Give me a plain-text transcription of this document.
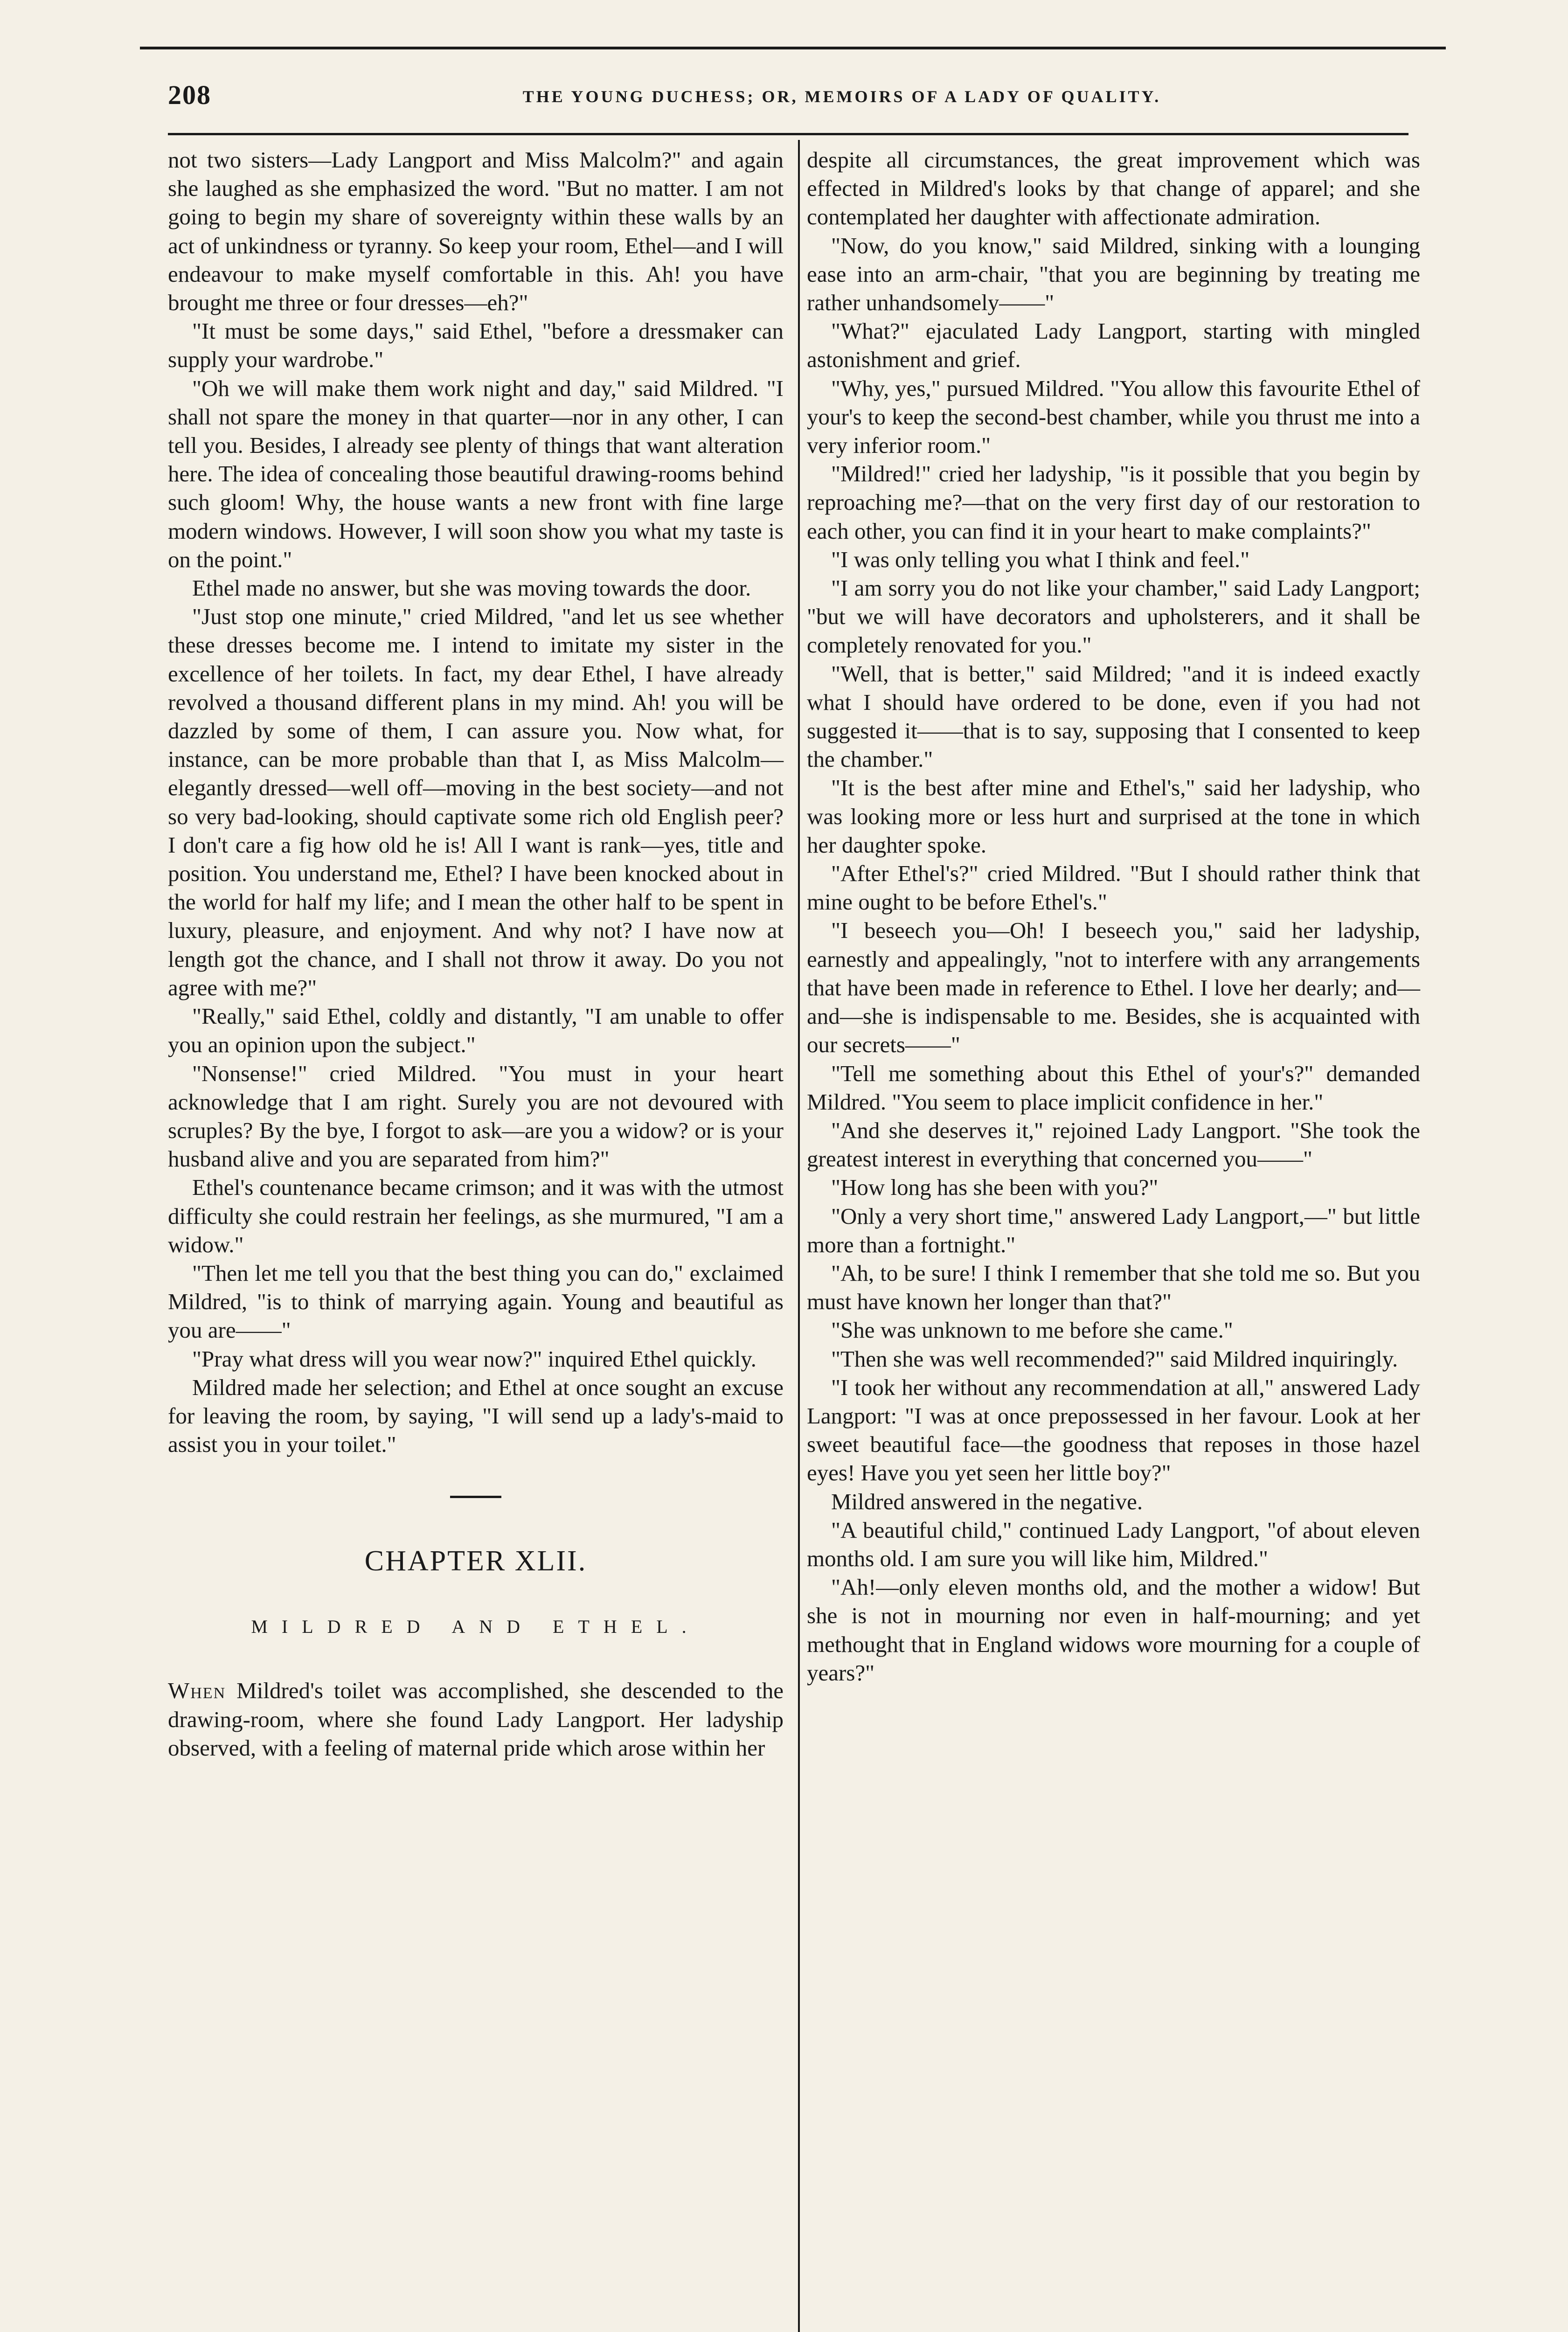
208	THE YOUNG DUCHESS; OR, MEMOIRS OF A LADY OF QUALITY.

not two sisters—Lady Langport and Miss Malcolm?" and again she laughed as she emphasized the word. "But no matter. I am not going to begin my share of sovereignty within these walls by an act of unkindness or tyranny. So keep your room, Ethel—and I will endeavour to make myself comfortable in this. Ah! you have brought me three or four dresses—eh?"

"It must be some days," said Ethel, "before a dressmaker can supply your wardrobe."

"Oh we will make them work night and day," said Mildred. "I shall not spare the money in that quarter—nor in any other, I can tell you. Besides, I already see plenty of things that want alteration here. The idea of concealing those beautiful drawing-rooms behind such gloom! Why, the house wants a new front with fine large modern windows. However, I will soon show you what my taste is on the point."

Ethel made no answer, but she was moving towards the door.

"Just stop one minute," cried Mildred, "and let us see whether these dresses become me. I intend to imitate my sister in the excellence of her toilets. In fact, my dear Ethel, I have already revolved a thousand different plans in my mind. Ah! you will be dazzled by some of them, I can assure you. Now what, for instance, can be more probable than that I, as Miss Malcolm—elegantly dressed—well off—moving in the best society—and not so very bad-looking, should captivate some rich old English peer? I don't care a fig how old he is! All I want is rank—yes, title and position. You understand me, Ethel? I have been knocked about in the world for half my life; and I mean the other half to be spent in luxury, pleasure, and enjoyment. And why not? I have now at length got the chance, and I shall not throw it away. Do you not agree with me?"

"Really," said Ethel, coldly and distantly, "I am unable to offer you an opinion upon the subject."

"Nonsense!" cried Mildred. "You must in your heart acknowledge that I am right. Surely you are not devoured with scruples? By the bye, I forgot to ask—are you a widow? or is your husband alive and you are separated from him?"

Ethel's countenance became crimson; and it was with the utmost difficulty she could restrain her feelings, as she murmured, "I am a widow."

"Then let me tell you that the best thing you can do," exclaimed Mildred, "is to think of marrying again. Young and beautiful as you are——"

"Pray what dress will you wear now?" inquired Ethel quickly.

Mildred made her selection; and Ethel at once sought an excuse for leaving the room, by saying, "I will send up a lady's-maid to assist you in your toilet."

CHAPTER XLII.
MILDRED AND ETHEL.

When Mildred's toilet was accomplished, she descended to the drawing-room, where she found Lady Langport. Her ladyship observed, with a feeling of maternal pride which arose within her

despite all circumstances, the great improvement which was effected in Mildred's looks by that change of apparel; and she contemplated her daughter with affectionate admiration.

"Now, do you know," said Mildred, sinking with a lounging ease into an arm-chair, "that you are beginning by treating me rather unhandsomely——"

"What?" ejaculated Lady Langport, starting with mingled astonishment and grief.

"Why, yes," pursued Mildred. "You allow this favourite Ethel of your's to keep the second-best chamber, while you thrust me into a very inferior room."

"Mildred!" cried her ladyship, "is it possible that you begin by reproaching me?—that on the very first day of our restoration to each other, you can find it in your heart to make complaints?"

"I was only telling you what I think and feel."

"I am sorry you do not like your chamber," said Lady Langport; "but we will have decorators and upholsterers, and it shall be completely renovated for you."

"Well, that is better," said Mildred; "and it is indeed exactly what I should have ordered to be done, even if you had not suggested it——that is to say, supposing that I consented to keep the chamber."

"It is the best after mine and Ethel's," said her ladyship, who was looking more or less hurt and surprised at the tone in which her daughter spoke.

"After Ethel's?" cried Mildred. "But I should rather think that mine ought to be before Ethel's."

"I beseech you—Oh! I beseech you," said her ladyship, earnestly and appealingly, "not to interfere with any arrangements that have been made in reference to Ethel. I love her dearly; and—and—she is indispensable to me. Besides, she is acquainted with our secrets——"

"Tell me something about this Ethel of your's?" demanded Mildred. "You seem to place implicit confidence in her."

"And she deserves it," rejoined Lady Langport. "She took the greatest interest in everything that concerned you——"

"How long has she been with you?"

"Only a very short time," answered Lady Langport,—" but little more than a fortnight."

"Ah, to be sure! I think I remember that she told me so. But you must have known her longer than that?"

"She was unknown to me before she came."

"Then she was well recommended?" said Mildred inquiringly.

"I took her without any recommendation at all," answered Lady Langport: "I was at once prepossessed in her favour. Look at her sweet beautiful face—the goodness that reposes in those hazel eyes! Have you yet seen her little boy?"

Mildred answered in the negative.

"A beautiful child," continued Lady Langport, "of about eleven months old. I am sure you will like him, Mildred."

"Ah!—only eleven months old, and the mother a widow! But she is not in mourning nor even in half-mourning; and yet methought that in England widows wore mourning for a couple of years?"
